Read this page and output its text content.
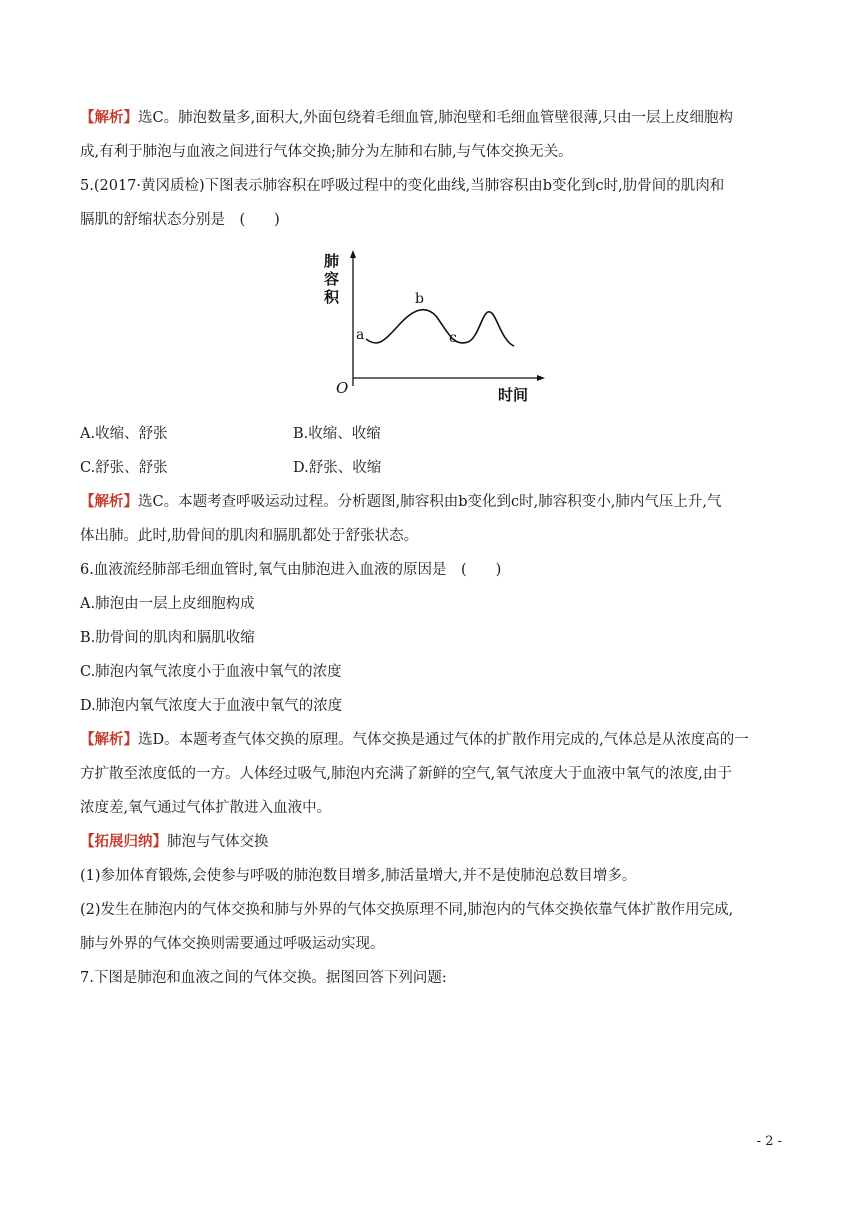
【解析】选C。肺泡数量多,面积大,外面包绕着毛细血管,肺泡壁和毛细血管壁很薄,只由一层上皮细胞构
成,有利于肺泡与血液之间进行气体交换;肺分为左肺和右肺,与气体交换无关。
5.(2017·黄冈质检)下图表示肺容积在呼吸过程中的变化曲线,当肺容积由b变化到c时,肋骨间的肌肉和
膈肌的舒缩状态分别是　(　　)
肺
容
积
O	时间
a
b
c
A.收缩、舒张	B.收缩、收缩
C.舒张、舒张	D.舒张、收缩
【解析】选C。本题考查呼吸运动过程。分析题图,肺容积由b变化到c时,肺容积变小,肺内气压上升,气
体出肺。此时,肋骨间的肌肉和膈肌都处于舒张状态。
6.血液流经肺部毛细血管时,氧气由肺泡进入血液的原因是　(　　)
A.肺泡由一层上皮细胞构成
B.肋骨间的肌肉和膈肌收缩
C.肺泡内氧气浓度小于血液中氧气的浓度
D.肺泡内氧气浓度大于血液中氧气的浓度
【解析】选D。本题考查气体交换的原理。气体交换是通过气体的扩散作用完成的,气体总是从浓度高的一
方扩散至浓度低的一方。人体经过吸气,肺泡内充满了新鲜的空气,氧气浓度大于血液中氧气的浓度,由于
浓度差,氧气通过气体扩散进入血液中。
【拓展归纳】肺泡与气体交换
(1)参加体育锻炼,会使参与呼吸的肺泡数目增多,肺活量增大,并不是使肺泡总数目增多。
(2)发生在肺泡内的气体交换和肺与外界的气体交换原理不同,肺泡内的气体交换依靠气体扩散作用完成,
肺与外界的气体交换则需要通过呼吸运动实现。
7.下图是肺泡和血液之间的气体交换。据图回答下列问题:
- 2 -
